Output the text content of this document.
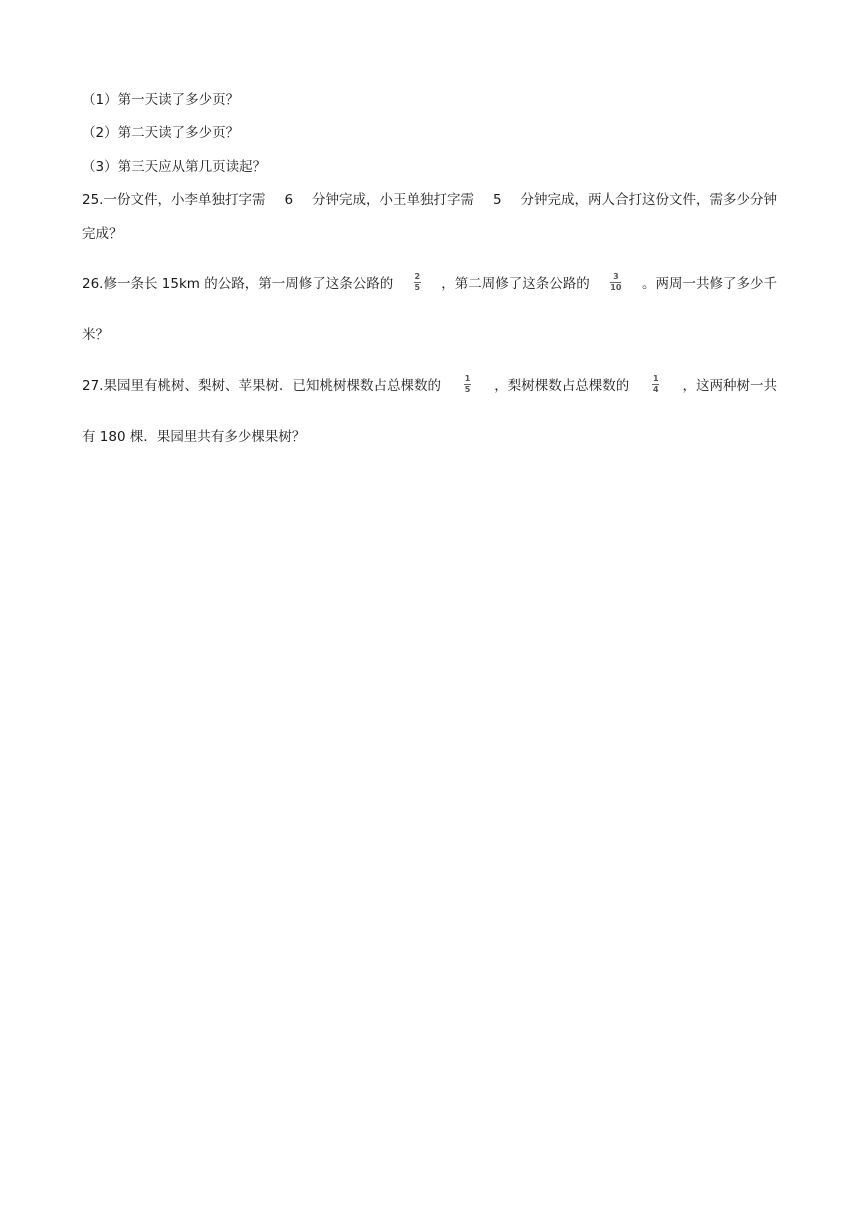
（1）第一天读了多少页？
（2）第二天读了多少页？
（3）第三天应从第几页读起？
25.一份文件，小李单独打字需 6 分钟完成，小王单独打字需 5 分钟完成，两人合打这份文件，需多少分钟
完成？
26.修一条长 15km 的公路，第一周修了这条公路的	$\frac{2}{5}$ ，第二周修了这条公路的	$\frac{3}{10}$ 。两周一共修了多少千
米？
27.果园里有桃树、梨树、苹果树．已知桃树棵数占总棵数的	$\frac{1}{5}$ ，梨树棵数占总棵数的	$\frac{1}{4}$ ，这两种树一共
有 180 棵．果园里共有多少棵果树？
